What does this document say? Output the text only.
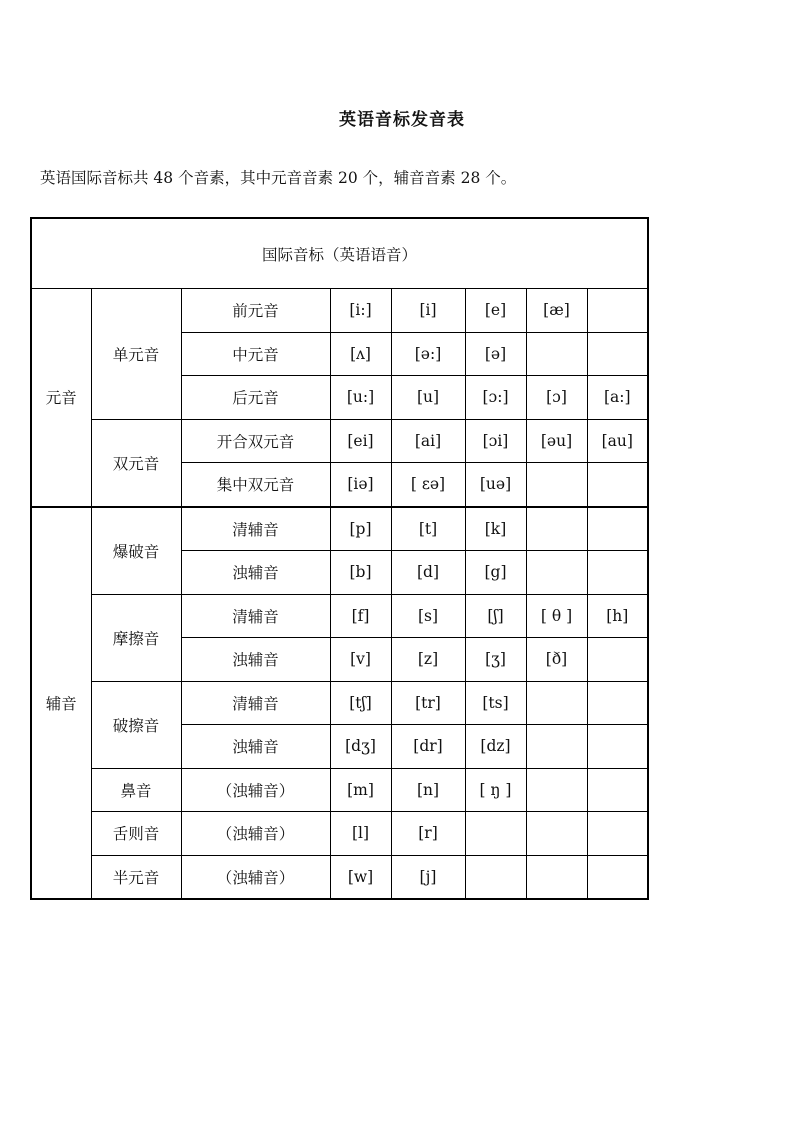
英语音标发音表
英语国际音标共 48 个音素，其中元音音素 20 个，辅音音素 28 个。
国际音标（英语语音）							
元音	单元音	前元音	[i:]	[i]	[e]	[æ]	
		中元音	[ʌ]	[ə:]	[ə]		
		后元音	[u:]	[u]	[ɔ:]	[ɔ]	[a:]
	双元音	开合双元音	[ei]	[ai]	[ɔi]	[əu]	[au]
		集中双元音	[iə]	[ εə]	[uə]		
辅音	爆破音	清辅音	[p]	[t]	[k]		
		浊辅音	[b]	[d]	[g]		
	摩擦音	清辅音	[f]	[s]	[ʃ]	[ θ ]	[h]
		浊辅音	[v]	[z]	[ʒ]	[ð]	
	破擦音	清辅音	[tʃ]	[tr]	[ts]		
		浊辅音	[dʒ]	[dr]	[dz]		
	鼻音	（浊辅音）	[m]	[n]	[ ŋ ]		
	舌则音	（浊辅音）	[l]	[r]			
	半元音	（浊辅音）	[w]	[j]			
